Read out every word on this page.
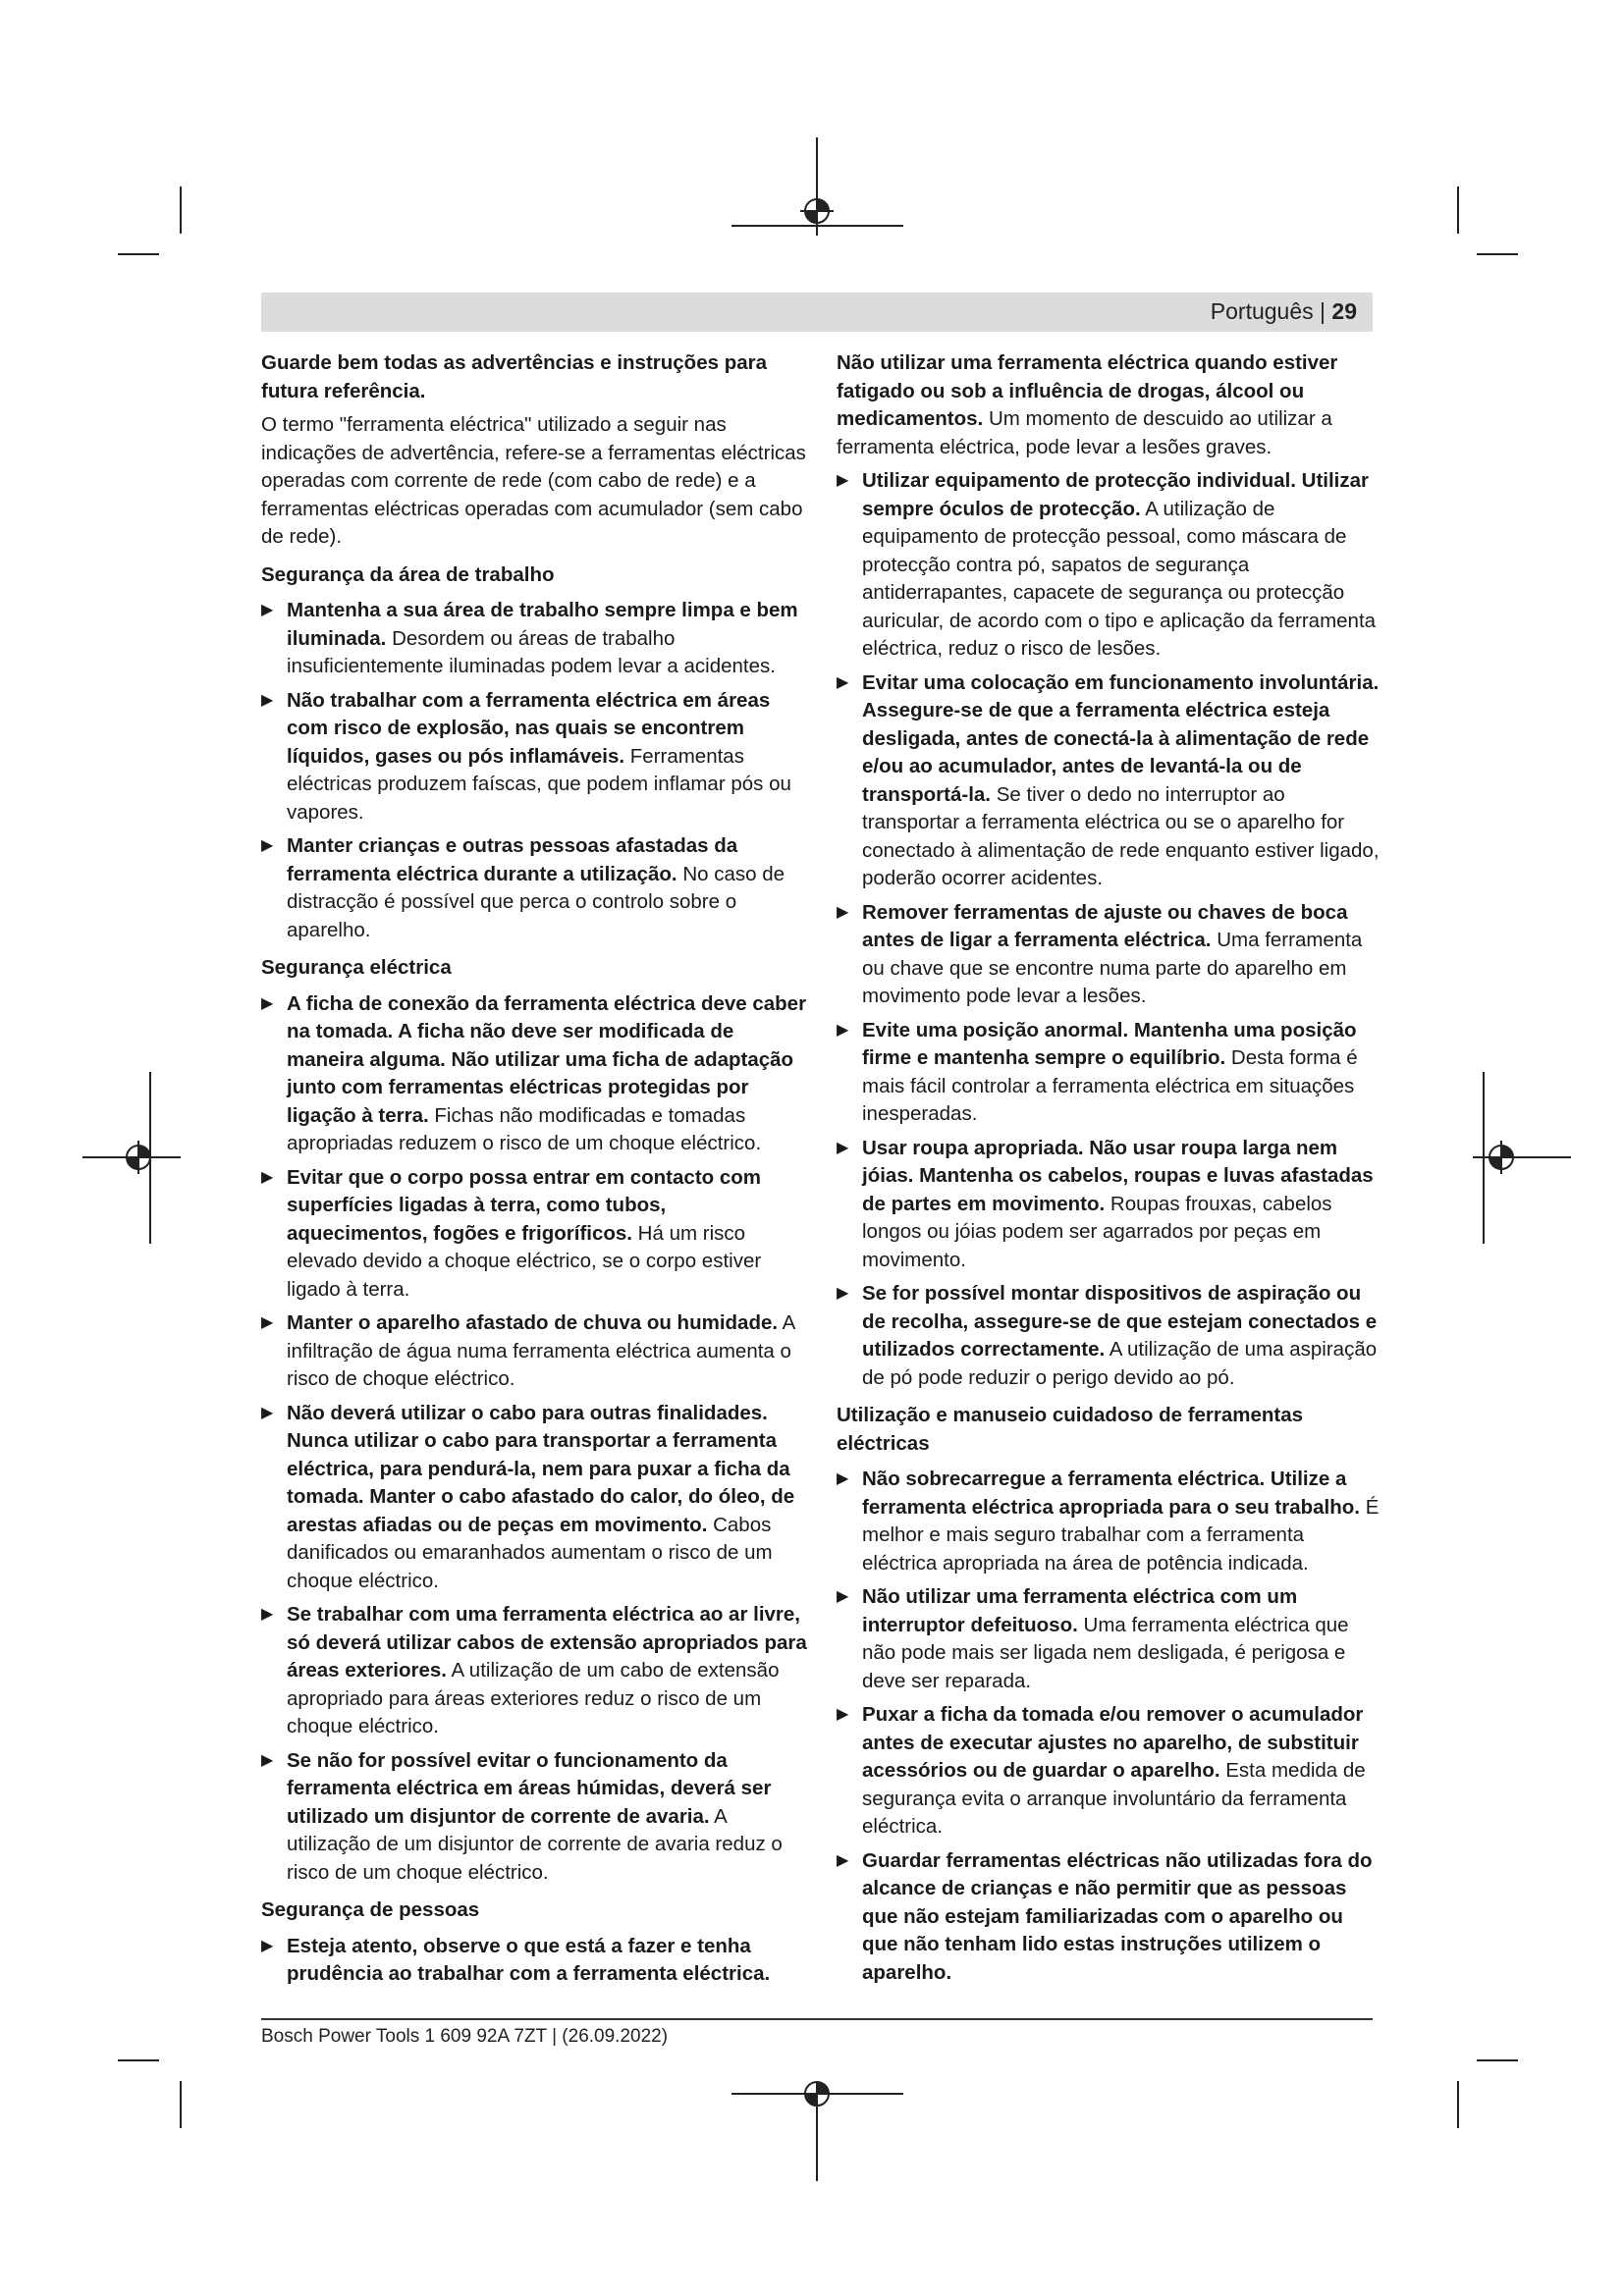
Português | 29

Guarde bem todas as advertências e instruções para futura referência.

O termo "ferramenta eléctrica" utilizado a seguir nas indicações de advertência, refere-se a ferramentas eléctricas operadas com corrente de rede (com cabo de rede) e a ferramentas eléctricas operadas com acumulador (sem cabo de rede).

Segurança da área de trabalho
▶ Mantenha a sua área de trabalho sempre limpa e bem iluminada. Desordem ou áreas de trabalho insuficientemente iluminadas podem levar a acidentes.
▶ Não trabalhar com a ferramenta eléctrica em áreas com risco de explosão, nas quais se encontrem líquidos, gases ou pós inflamáveis. Ferramentas eléctricas produzem faíscas, que podem inflamar pós ou vapores.
▶ Manter crianças e outras pessoas afastadas da ferramenta eléctrica durante a utilização. No caso de distracção é possível que perca o controlo sobre o aparelho.
Segurança eléctrica
▶ A ficha de conexão da ferramenta eléctrica deve caber na tomada. A ficha não deve ser modificada de maneira alguma. Não utilizar uma ficha de adaptação junto com ferramentas eléctricas protegidas por ligação à terra. Fichas não modificadas e tomadas apropriadas reduzem o risco de um choque eléctrico.
▶ Evitar que o corpo possa entrar em contacto com superfícies ligadas à terra, como tubos, aquecimentos, fogões e frigoríficos. Há um risco elevado devido a choque eléctrico, se o corpo estiver ligado à terra.
▶ Manter o aparelho afastado de chuva ou humidade. A infiltração de água numa ferramenta eléctrica aumenta o risco de choque eléctrico.
▶ Não deverá utilizar o cabo para outras finalidades. Nunca utilizar o cabo para transportar a ferramenta eléctrica, para pendurá-la, nem para puxar a ficha da tomada. Manter o cabo afastado do calor, do óleo, de arestas afiadas ou de peças em movimento. Cabos danificados ou emaranhados aumentam o risco de um choque eléctrico.
▶ Se trabalhar com uma ferramenta eléctrica ao ar livre, só deverá utilizar cabos de extensão apropriados para áreas exteriores. A utilização de um cabo de extensão apropriado para áreas exteriores reduz o risco de um choque eléctrico.
▶ Se não for possível evitar o funcionamento da ferramenta eléctrica em áreas húmidas, deverá ser utilizado um disjuntor de corrente de avaria. A utilização de um disjuntor de corrente de avaria reduz o risco de um choque eléctrico.
Segurança de pessoas
▶ Esteja atento, observe o que está a fazer e tenha prudência ao trabalhar com a ferramenta eléctrica.

Não utilizar uma ferramenta eléctrica quando estiver fatigado ou sob a influência de drogas, álcool ou medicamentos. Um momento de descuido ao utilizar a ferramenta eléctrica, pode levar a lesões graves.

▶ Utilizar equipamento de protecção individual. Utilizar sempre óculos de protecção. A utilização de equipamento de protecção pessoal, como máscara de protecção contra pó, sapatos de segurança antiderrapantes, capacete de segurança ou protecção auricular, de acordo com o tipo e aplicação da ferramenta eléctrica, reduz o risco de lesões.
▶ Evitar uma colocação em funcionamento involuntária. Assegure-se de que a ferramenta eléctrica esteja desligada, antes de conectá-la à alimentação de rede e/ou ao acumulador, antes de levantá-la ou de transportá-la. Se tiver o dedo no interruptor ao transportar a ferramenta eléctrica ou se o aparelho for conectado à alimentação de rede enquanto estiver ligado, poderão ocorrer acidentes.
▶ Remover ferramentas de ajuste ou chaves de boca antes de ligar a ferramenta eléctrica. Uma ferramenta ou chave que se encontre numa parte do aparelho em movimento pode levar a lesões.
▶ Evite uma posição anormal. Mantenha uma posição firme e mantenha sempre o equilíbrio. Desta forma é mais fácil controlar a ferramenta eléctrica em situações inesperadas.
▶ Usar roupa apropriada. Não usar roupa larga nem jóias. Mantenha os cabelos, roupas e luvas afastadas de partes em movimento. Roupas frouxas, cabelos longos ou jóias podem ser agarrados por peças em movimento.
▶ Se for possível montar dispositivos de aspiração ou de recolha, assegure-se de que estejam conectados e utilizados correctamente. A utilização de uma aspiração de pó pode reduzir o perigo devido ao pó.
Utilização e manuseio cuidadoso de ferramentas eléctricas
▶ Não sobrecarregue a ferramenta eléctrica. Utilize a ferramenta eléctrica apropriada para o seu trabalho. É melhor e mais seguro trabalhar com a ferramenta eléctrica apropriada na área de potência indicada.
▶ Não utilizar uma ferramenta eléctrica com um interruptor defeituoso. Uma ferramenta eléctrica que não pode mais ser ligada nem desligada, é perigosa e deve ser reparada.
▶ Puxar a ficha da tomada e/ou remover o acumulador antes de executar ajustes no aparelho, de substituir acessórios ou de guardar o aparelho. Esta medida de segurança evita o arranque involuntário da ferramenta eléctrica.
▶ Guardar ferramentas eléctricas não utilizadas fora do alcance de crianças e não permitir que as pessoas que não estejam familiarizadas com o aparelho ou que não tenham lido estas instruções utilizem o aparelho.
Bosch Power Tools 1 609 92A 7ZT | (26.09.2022)
